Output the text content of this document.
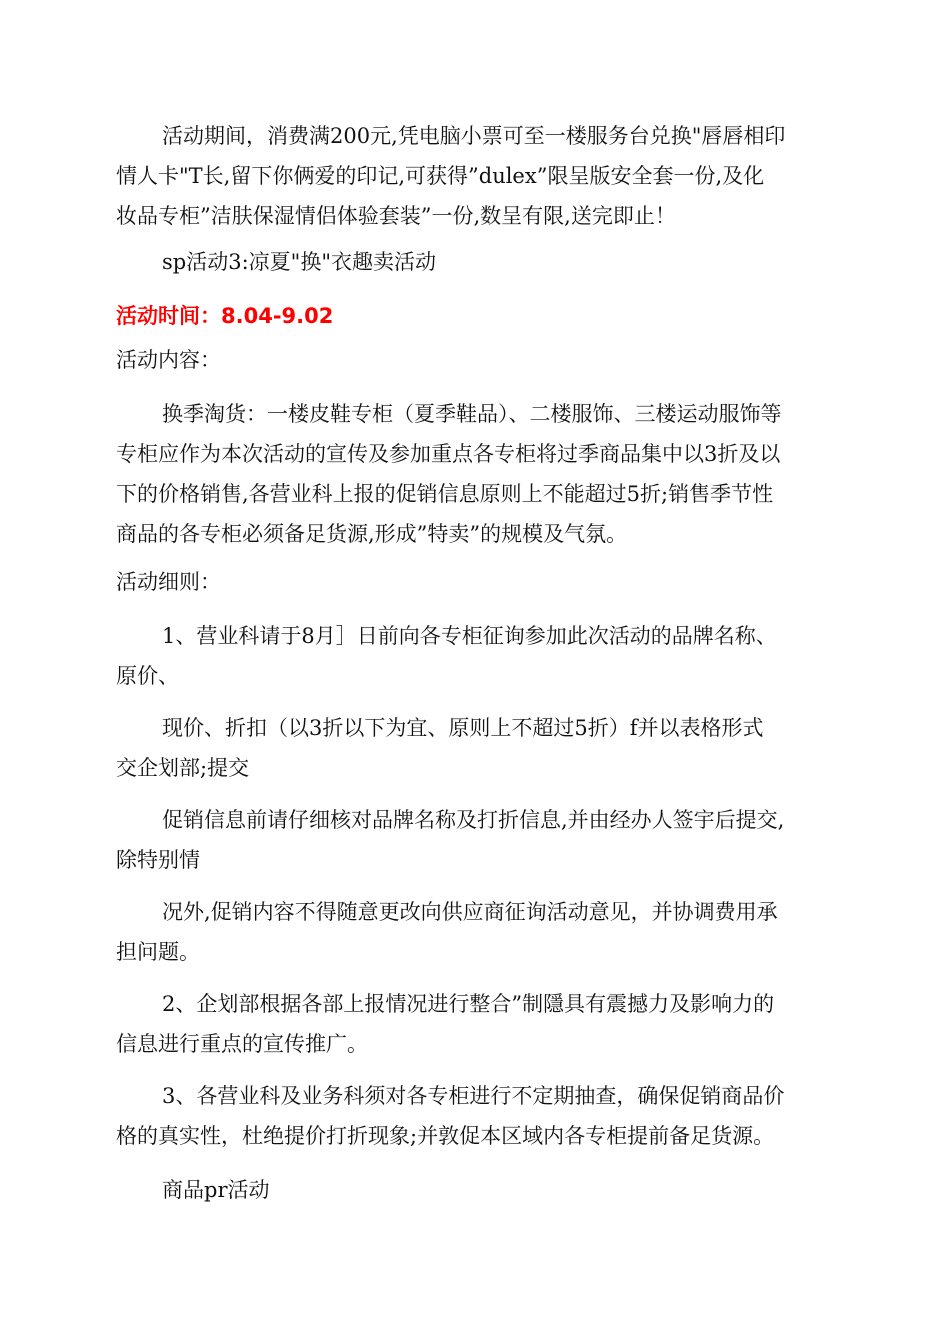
活动期间，消费满200元,凭电脑小票可至一楼服务台兑换"唇唇相印
情人卡"T长,留下你俩爱的印记,可获得”dulex”限呈版安全套一份,及化
妆品专柜”洁肤保湿情侣体验套装”一份,数呈有限,送完即止！

sp活动3:凉夏"换"衣趣卖活动

活动时间：8.04-9.02

活动内容：

换季淘货：一楼皮鞋专柜（夏季鞋品）、二楼服饰、三楼运动服饰等
专柜应作为本次活动的宣传及参加重点各专柜将过季商品集中以3折及以
下的价格销售,各营业科上报的促销信息原则上不能超过5折;销售季节性
商品的各专柜必须备足货源,形成”特卖”的规模及气氛。

活动细则：

1、营业科请于8月］日前向各专柜征询参加此次活动的品牌名称、
原价、

现价、折扣（以3折以下为宜、原则上不超过5折）f并以表格形式
交企划部;提交

促销信息前请仔细核对品牌名称及打折信息,并由经办人签宇后提交,
除特别情

况外,促销内容不得随意更改向供应商征询活动意见，并协调费用承
担问题。

2、企划部根据各部上报情况进行整合”制隱具有震撼力及影响力的
信息进行重点的宣传推广。

3、各营业科及业务科须对各专柜进行不定期抽查，确保促销商品价
格的真实性，杜绝提价打折现象;并敦促本区域内各专柜提前备足货源。

商品pr活动
